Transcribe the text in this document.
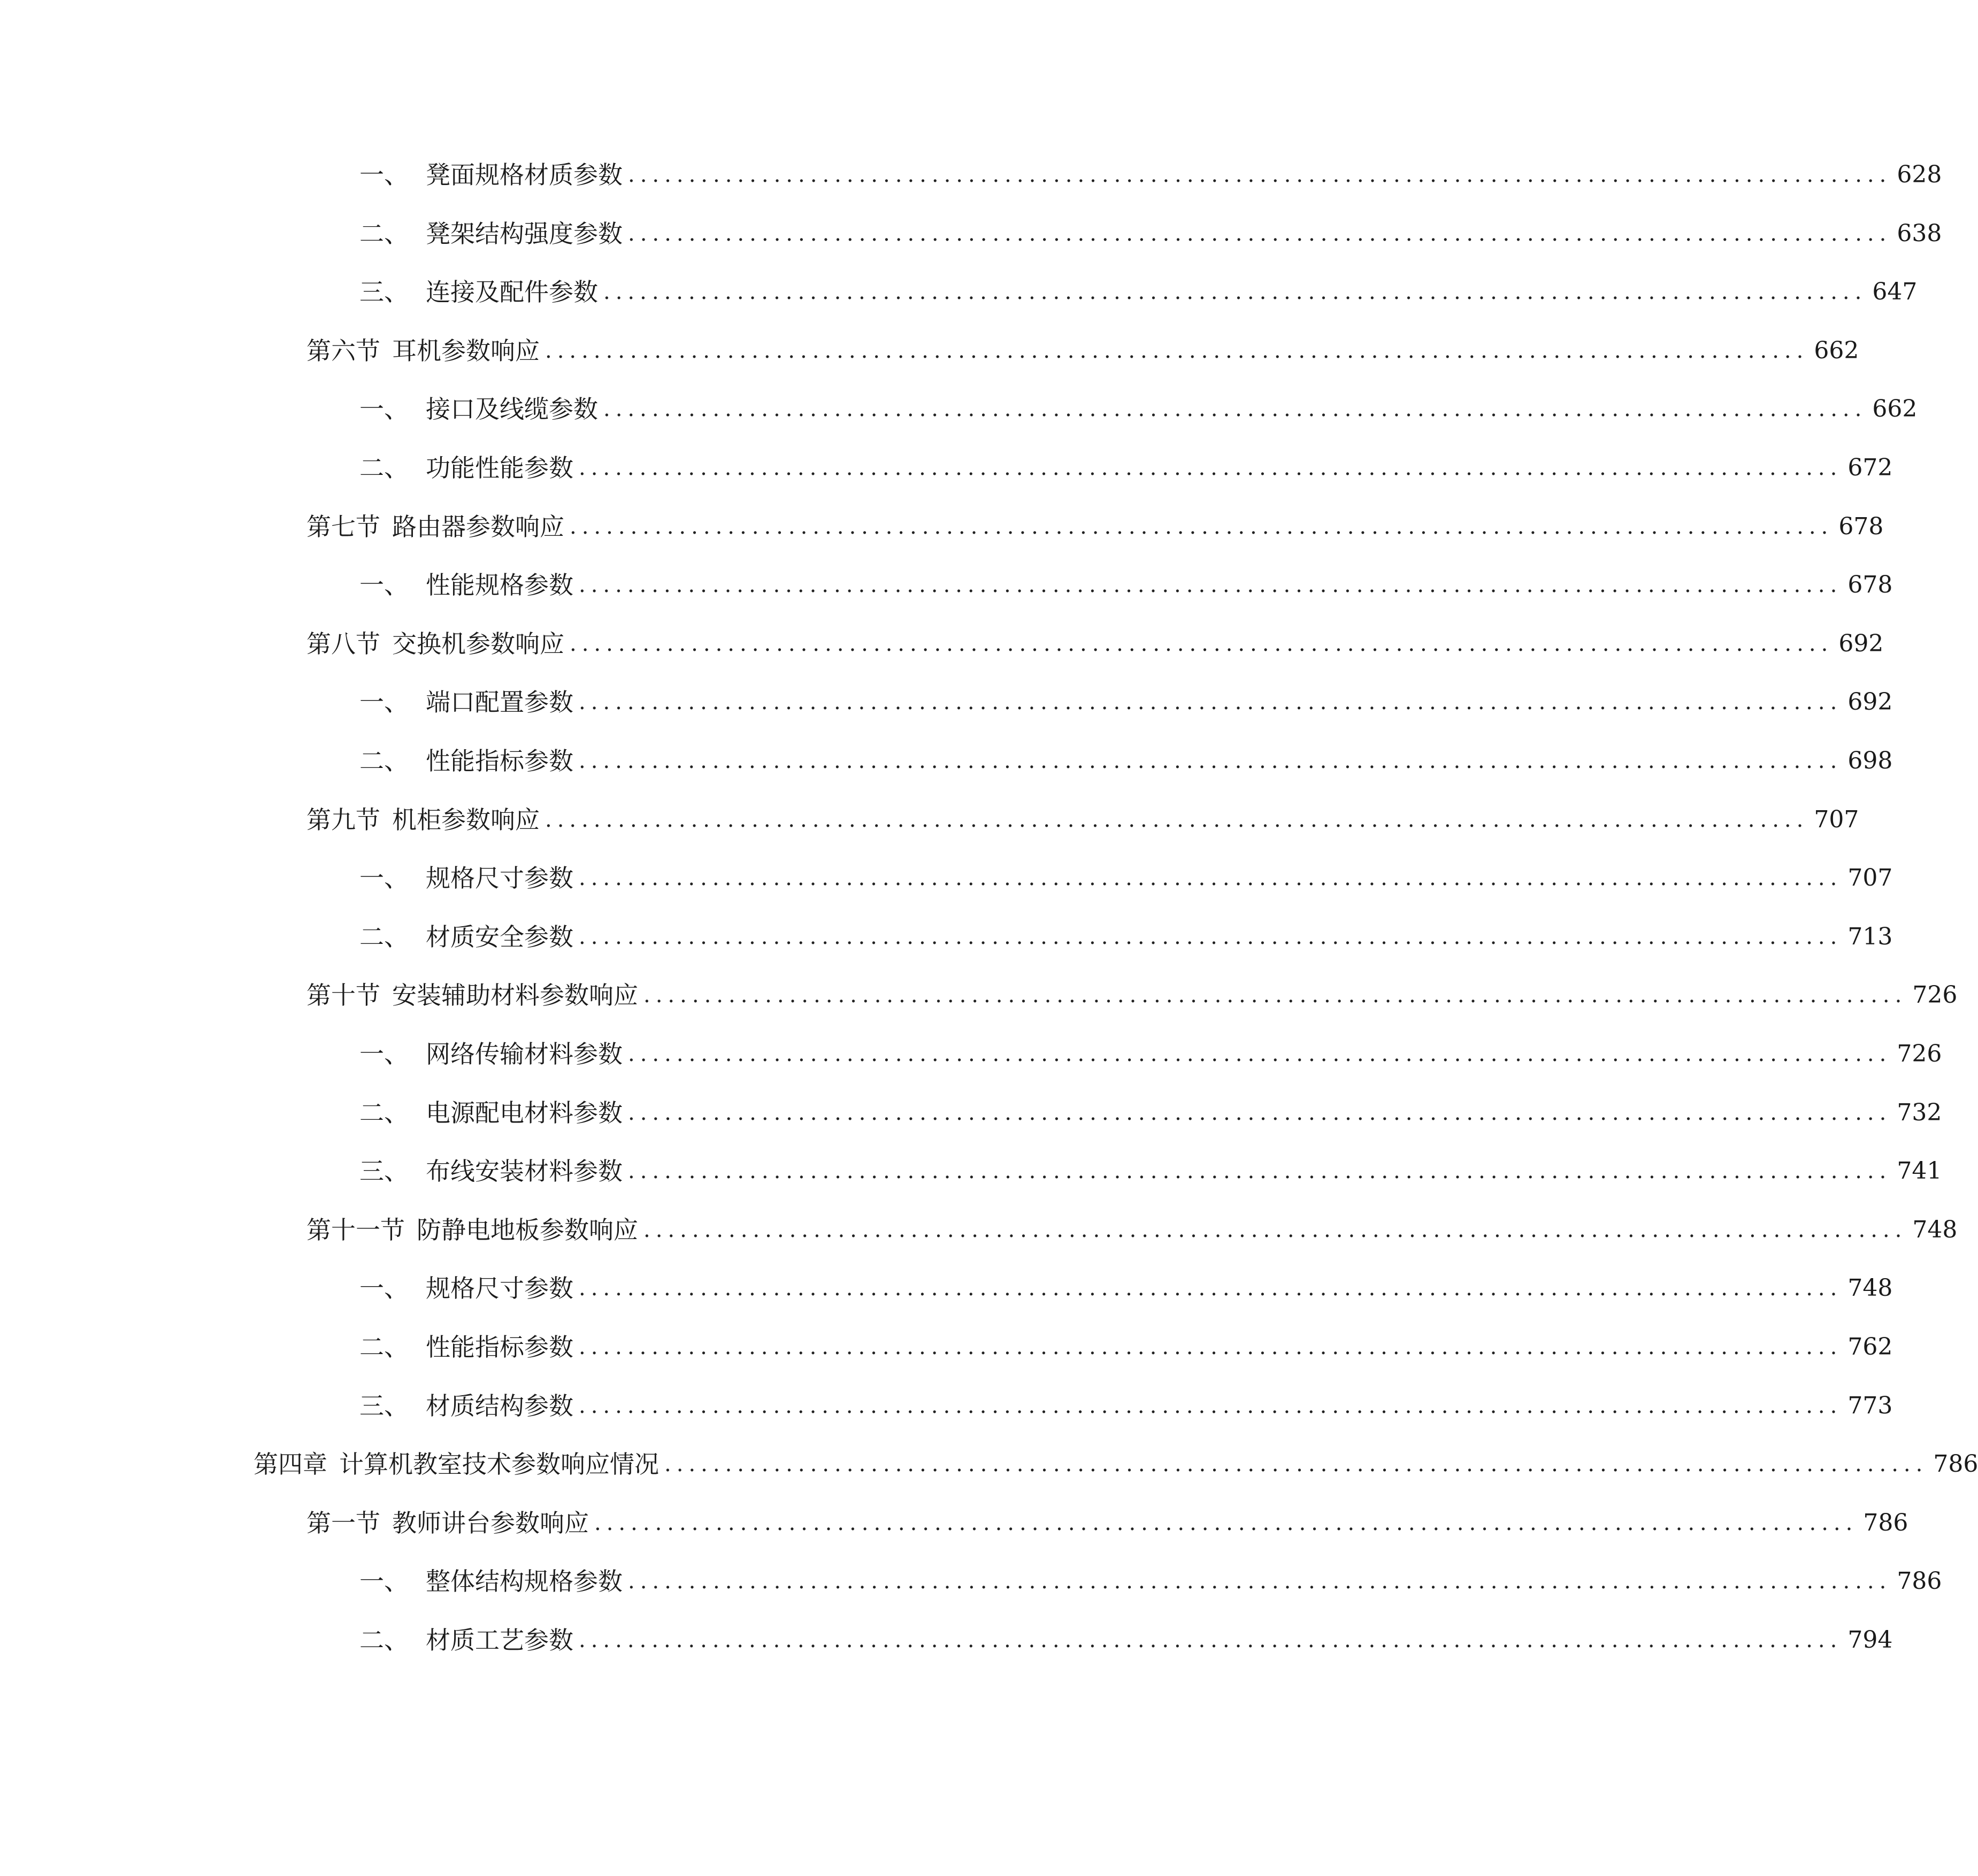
一、 凳面规格材质参数 ........................................................................................................ 628
二、 凳架结构强度参数 ........................................................................................................ 638
三、 连接及配件参数 ........................................................................................................ 647
第六节 耳机参数响应 ........................................................................................................ 662
一、 接口及线缆参数 ........................................................................................................ 662
二、 功能性能参数 ........................................................................................................ 672
第七节 路由器参数响应 ........................................................................................................ 678
一、 性能规格参数 ........................................................................................................ 678
第八节 交换机参数响应 ........................................................................................................ 692
一、 端口配置参数 ........................................................................................................ 692
二、 性能指标参数 ........................................................................................................ 698
第九节 机柜参数响应 ........................................................................................................ 707
一、 规格尺寸参数 ........................................................................................................ 707
二、 材质安全参数 ........................................................................................................ 713
第十节 安装辅助材料参数响应 ........................................................................................................ 726
一、 网络传输材料参数 ........................................................................................................ 726
二、 电源配电材料参数 ........................................................................................................ 732
三、 布线安装材料参数 ........................................................................................................ 741
第十一节 防静电地板参数响应 ........................................................................................................ 748
一、 规格尺寸参数 ........................................................................................................ 748
二、 性能指标参数 ........................................................................................................ 762
三、 材质结构参数 ........................................................................................................ 773
第四章 计算机教室技术参数响应情况 ........................................................................................................ 786
第一节 教师讲台参数响应 ........................................................................................................ 786
一、 整体结构规格参数 ........................................................................................................ 786
二、 材质工艺参数 ........................................................................................................ 794
